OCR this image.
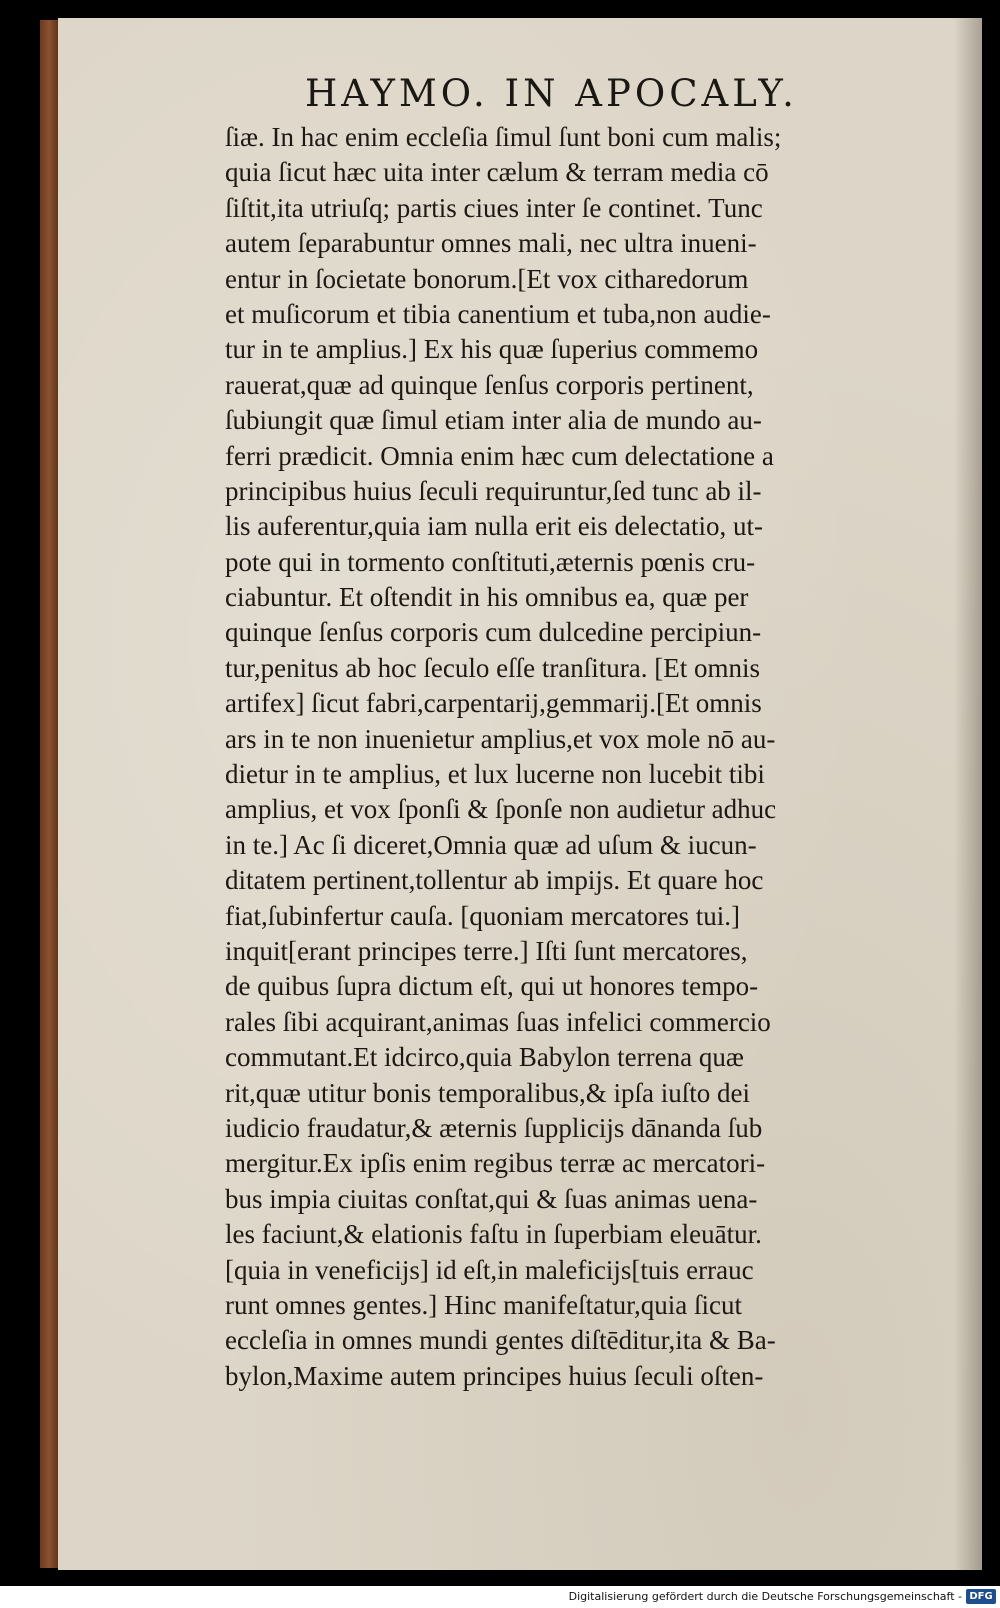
HAYMO. IN APOCALY.
ſiæ. In hac enim eccleſia ſimul ſunt boni cum malis;
quia ſicut hæc uita inter cælum & terram media cō
ſiſtit,ita utriuſq; partis ciues inter ſe continet. Tunc
autem ſeparabuntur omnes mali, nec ultra inueni-
entur in ſocietate bonorum.[Et vox citharedorum
et muſicorum et tibia canentium et tuba,non audie-
tur in te amplius.] Ex his quæ ſuperius commemo
rauerat,quæ ad quinque ſenſus corporis pertinent,
ſubiungit quæ ſimul etiam inter alia de mundo au-
ferri prædicit. Omnia enim hæc cum delectatione a
principibus huius ſeculi requiruntur,ſed tunc ab il-
lis auferentur,quia iam nulla erit eis delectatio, ut-
pote qui in tormento conſtituti,æternis pœnis cru-
ciabuntur. Et oſtendit in his omnibus ea, quæ per
quinque ſenſus corporis cum dulcedine percipiun-
tur,penitus ab hoc ſeculo eſſe tranſitura. [Et omnis
artifex] ſicut fabri,carpentarij,gemmarij.[Et omnis
ars in te non inuenietur amplius,et vox mole nō au-
dietur in te amplius, et lux lucerne non lucebit tibi
amplius, et vox ſponſi & ſponſe non audietur adhuc
in te.] Ac ſi diceret,Omnia quæ ad uſum & iucun-
ditatem pertinent,tollentur ab impijs. Et quare hoc
fiat,ſubinfertur cauſa. [quoniam mercatores tui.]
inquit[erant principes terre.] Iſti ſunt mercatores,
de quibus ſupra dictum eſt, qui ut honores tempo-
rales ſibi acquirant,animas ſuas infelici commercio
commutant.Et idcirco,quia Babylon terrena quæ
rit,quæ utitur bonis temporalibus,& ipſa iuſto dei
iudicio fraudatur,& æternis ſupplicijs dānanda ſub
mergitur.Ex ipſis enim regibus terræ ac mercatori-
bus impia ciuitas conſtat,qui & ſuas animas uena-
les faciunt,& elationis faſtu in ſuperbiam eleuātur.
[quia in veneficijs] id eſt,in maleficijs[tuis errauc
runt omnes gentes.] Hinc manifeſtatur,quia ſicut
eccleſia in omnes mundi gentes diſtēditur,ita & Ba-
bylon,Maxime autem principes huius ſeculi oſten-
Digitalisierung gefördert durch die Deutsche Forschungsgemeinschaft - DFG
